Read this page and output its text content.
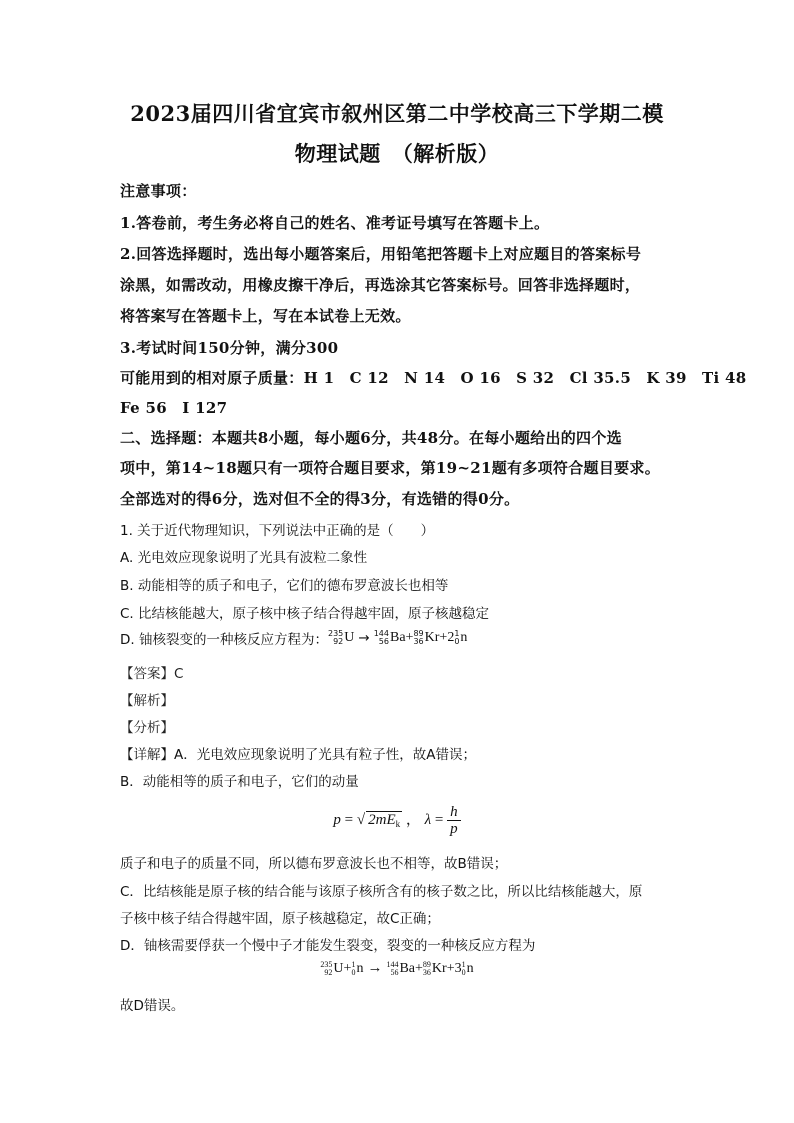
2023届四川省宜宾市叙州区第二中学校高三下学期二模
物理试题　（解析版）
注意事项：
1.答卷前，考生务必将自己的姓名、准考证号填写在答题卡上。
2.回答选择题时，选出每小题答案后，用铅笔把答题卡上对应题目的答案标号
涂黑，如需改动，用橡皮擦干净后，再选涂其它答案标号。回答非选择题时，
将答案写在答题卡上，写在本试卷上无效。
3.考试时间150分钟，满分300
可能用到的相对原子质量：H 1　C 12　N 14　O 16　S 32　Cl 35.5　K 39　Ti 48
Fe 56　I 127
二、选择题：本题共8小题，每小题6分，共48分。在每小题给出的四个选
项中，第14~18题只有一项符合题目要求，第19~21题有多项符合题目要求。
全部选对的得6分，选对但不全的得3分，有选错的得0分。
1. 关于近代物理知识，下列说法中正确的是（　　）
A. 光电效应现象说明了光具有波粒二象性
B. 动能相等的质子和电子，它们的德布罗意波长也相等
C. 比结核能越大，原子核中核子结合得越牢固，原子核越稳定
D. 铀核裂变的一种核反应方程为： 235
92 U → 144
56 Ba + 89
36 Kr +2 1
0 n
【答案】C
【解析】
【分析】
【详解】A．光电效应现象说明了光具有粒子性，故A错误；
B．动能相等的质子和电子，它们的动量
p = √ $2mE_k$ ， $\lambda = \frac{h}{p}$
质子和电子的质量不同，所以德布罗意波长也不相等，故B错误；
C．比结核能是原子核的结合能与该原子核所含有的核子数之比，所以比结核能越大，原
子核中核子结合得越牢固，原子核越稳定，故C正确；
D．铀核需要俘获一个慢中子才能发生裂变，裂变的一种核反应方程为
235
92 U + 1
0 n → 144
56 Ba + 89
36 Kr +3 1
0 n
故D错误。
